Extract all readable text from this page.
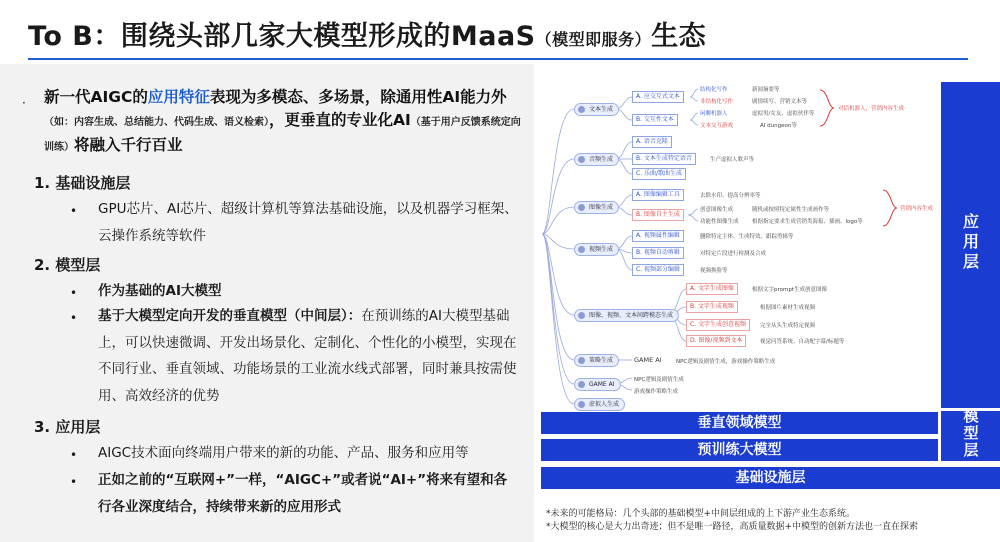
To B：围绕头部几家大模型形成的MaaS（模型即服务）生态
· 新一代AIGC的应用特征表现为多模态、多场景，除通用性AI能力外（如：内容生成、总结能力、代码生成、语义检索），更垂直的专业化AI（基于用户反馈系统定向训练）将融入千行百业
1. 基础设施层
• GPU芯片、AI芯片、超级计算机等算法基础设施，以及机器学习框架、云操作系统等软件
2. 模型层
• 作为基础的AI大模型
• 基于大模型定向开发的垂直模型（中间层）：在预训练的AI大模型基础上，可以快速微调、开发出场景化、定制化、个性化的小模型，实现在不同行业、垂直领域、功能场景的工业流水线式部署，同时兼具按需使用、高效经济的优势
3. 应用层
• AIGC技术面向终端用户带来的新的功能、产品、服务和应用等
• 正如之前的“互联网+”一样，“AIGC+”或者说“AI+”将来有望和各行各业深度结合，持续带来新的应用形式
文本生成
A. 应交互式文本
结构化写作	新闻摘要等
非结构化写作	剧情续写、营销文本等
B. 交互性文本
闲聊机器人	虚拟男/女友、虚拟伙伴等
文本交互游戏	AI dungeon等
对话机器人，营销内容生成
音频生成
A. 语音克隆
B. 文本生成特定语音	生产虚拟人歌声等
C. 乐曲/歌曲生成
图像生成
A. 图像编辑工具	去除水印、提高分辨率等
B. 图像自主生成
创意图像生成	随机或按照特定属性生成画作等
功能性图像生成 根据指定要求生成营销类海报、插画、logo等
营销内容生成
视频生成
A. 视频属性编辑	删除特定主体、生成特效、跟踪剪辑等
B. 视频自动剪辑	对特定片段进行检测及合成
C. 视频部分编辑	视频换脸等
图像、视频、文本间跨模态生成
A. 文字生成图像	根据文字prompt生成创意图像
B. 文字生成视频	根据图片素材生成视频
C. 文字生成创意视频	完全从头生成特定视频
D. 图像/视频到文本	视觉问答系统、自动配字幕/标题等
策略生成	GAME AI	NPC逻辑及剧情生成，游戏操作策略生成
GAME AI
NPC逻辑及剧情生成
游戏操作策略生成
虚拟人生成
应用层
模型层
垂直领域模型
预训练大模型
基础设施层
*未来的可能格局：几个头部的基础模型+中间层组成的上下游产业生态系统。
*大模型的核心是大力出奇迹；但不是唯一路径，高质量数据+中模型的创新方法也一直在探索
